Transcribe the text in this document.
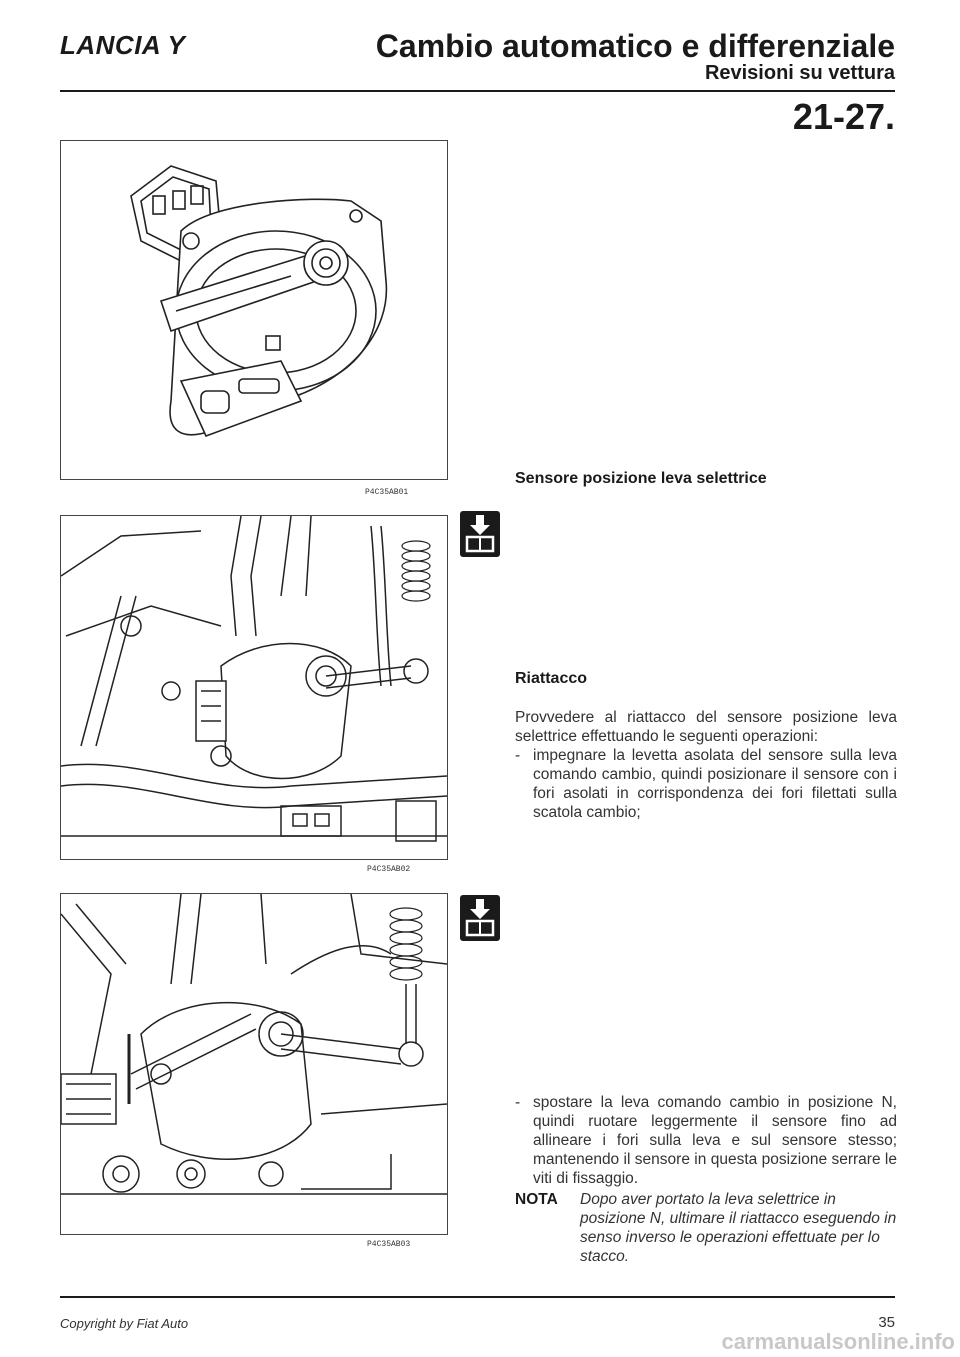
LANCIA Y	Cambio automatico e differenziale
Revisioni su vettura
21-27.
P4C35AB01
P4C35AB02
P4C35AB03
Sensore posizione leva selettrice
Riattacco

Provvedere al riattacco del sensore posizione leva selettrice effettuando le seguenti operazioni:

- impegnare la levetta asolata del sensore sulla leva comando cambio, quindi posizionare il sensore con i fori asolati in corrispondenza dei fori filettati sulla scatola cambio;
- spostare la leva comando cambio in posizione N, quindi ruotare leggermente il sensore fino ad allineare i fori sulla leva e sul sensore stesso; mantenendo il sensore in questa posizione serrare le viti di fissaggio.
NOTA	Dopo aver portato la leva selettrice in posizione N, ultimare il riattacco eseguendo in senso inverso le operazioni effettuate per lo stacco.
Copyright by Fiat Auto	35
carmanualsonline.info
